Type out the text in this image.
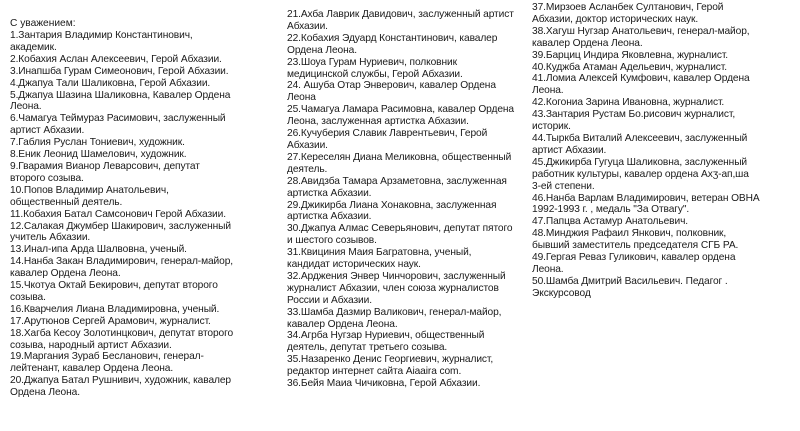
С уважением:

1.Зантария Владимир Константинович,
академик.

2.Кобахия Аслан Алексеевич, Герой Абхазии.

3.Инапшба Гурам Симеонович, Герой Абхазии.

4.Джапуа Тали Шаликовна, Герой Абхазии.

5.Джапуа Шазина Шаликовна, Кавалер Ордена
Леона.

6.Чамагуа Теймураз Расимович, заслуженный
артист Абхазии.

7.Габлия Руслан Тониевич, художник.

8.Еник Леонид Шамелович, художник.

9.Гварамия Вианор Леварсович, депутат
второго созыва.

10.Попов Владимир Анатольевич,
общественный деятель.

11.Кобахия Батал Самсонович Герой Абхазии.

12.Салакая Джумбер Шакирович, заслуженный
учитель Абхазии.

13.Инал-ипа Арда Шалвовна, ученый.

14.Нанба Закан Владимирович, генерал-майор,
кавалер Ордена Леона.

15.Чкотуа Октай Бекирович, депутат второго
созыва.

16.Кварчелия Лиана Владимировна, ученый.

17.Арутюнов Сергей Арамович, журналист.

18.Хагба Кесоу Золотинцкович, депутат второго
созыва, народный артист Абхазии.

19.Маргания Зураб Бесланович, генерал-
лейтенант, кавалер Ордена Леона.

20.Джапуа Батал Рушнивич, художник, кавалер
Ордена Леона.

21.Ахба Лаврик Давидович, заслуженный артист
Абхазии.

22.Кобахия Эдуард Константинович, кавалер
Ордена Леона.

23.Шоуа Гурам Нуриевич, полковник
медицинской службы, Герой Абхазии.

24. Ашуба Отар Энверович, кавалер Ордена
Леона

25.Чамагуа Ламара Расимовна, кавалер Ордена
Леона, заслуженная артистка Абхазии.

26.Кучуберия Славик Лаврентьевич, Герой
Абхазии.

27.Кереселян Диана Меликовна, общественный
деятель.

28.Авидзба Тамара Арзаметовна, заслуженная
артистка Абхазии.

29.Джикирба Лиана Хонаковна, заслуженная
артистка Абхазии.

30.Джапуа Алмас Северьянович, депутат пятого
и шестого созывов.

31.Квициния Маия Багратовна, ученый,
кандидат исторических наук.

32.Арджения Энвер Чинчорович, заслуженный
журналист Абхазии, член союза журналистов
России и Абхазии.

33.Шамба Дазмир Валикович, генерал-майор,
кавалер Ордена Леона.

34.Агрба Нугзар Нуриевич, общественный
деятель, депутат третьего созыва.

35.Назаренко Денис Георгиевич, журналист,
редактор интернет сайта Aiaaira com.

36.Бейя Маиа Чичиковна, Герой Абхазии.

37.Мирзоев Асланбек Султанович, Герой
Абхазии, доктор исторических наук.

38.Хагуш Нугзар Анатольевич, генерал-майор,
кавалер Ордена Леона.

39.Барциц Индира Яковлевна, журналист.

40.Куджба Атаман Адельевич, журналист.

41.Ломиа Алексей Кумфович, кавалер Ордена
Леона.

42.Когониа Зарина Ивановна, журналист.

43.Зантария Рустам Бо.рисович журналист,
историк.

44.Тыркба Виталий Алексеевич, заслуженный
артист Абхазии.

45.Джикирба Гугуца Шаликовна, заслуженный
работник культуры, кавалер ордена Ахӡ-ап,ша
3-ей степени.

46.Нанба Варлам Владимирович, ветеран ОВНА
1992-1993 г. , медаль "За Отвагу".

47.Папцва Астамур Анатольевич.

48.Минджия Рафаил Янкович, полковник,
бывший заместитель председателя СГБ РА.

49.Гергая Ревaз Гуликович, кавалер ордена
Леона.

50.Шамба Дмитрий Васильевич. Педагог .
Экскурсовод
